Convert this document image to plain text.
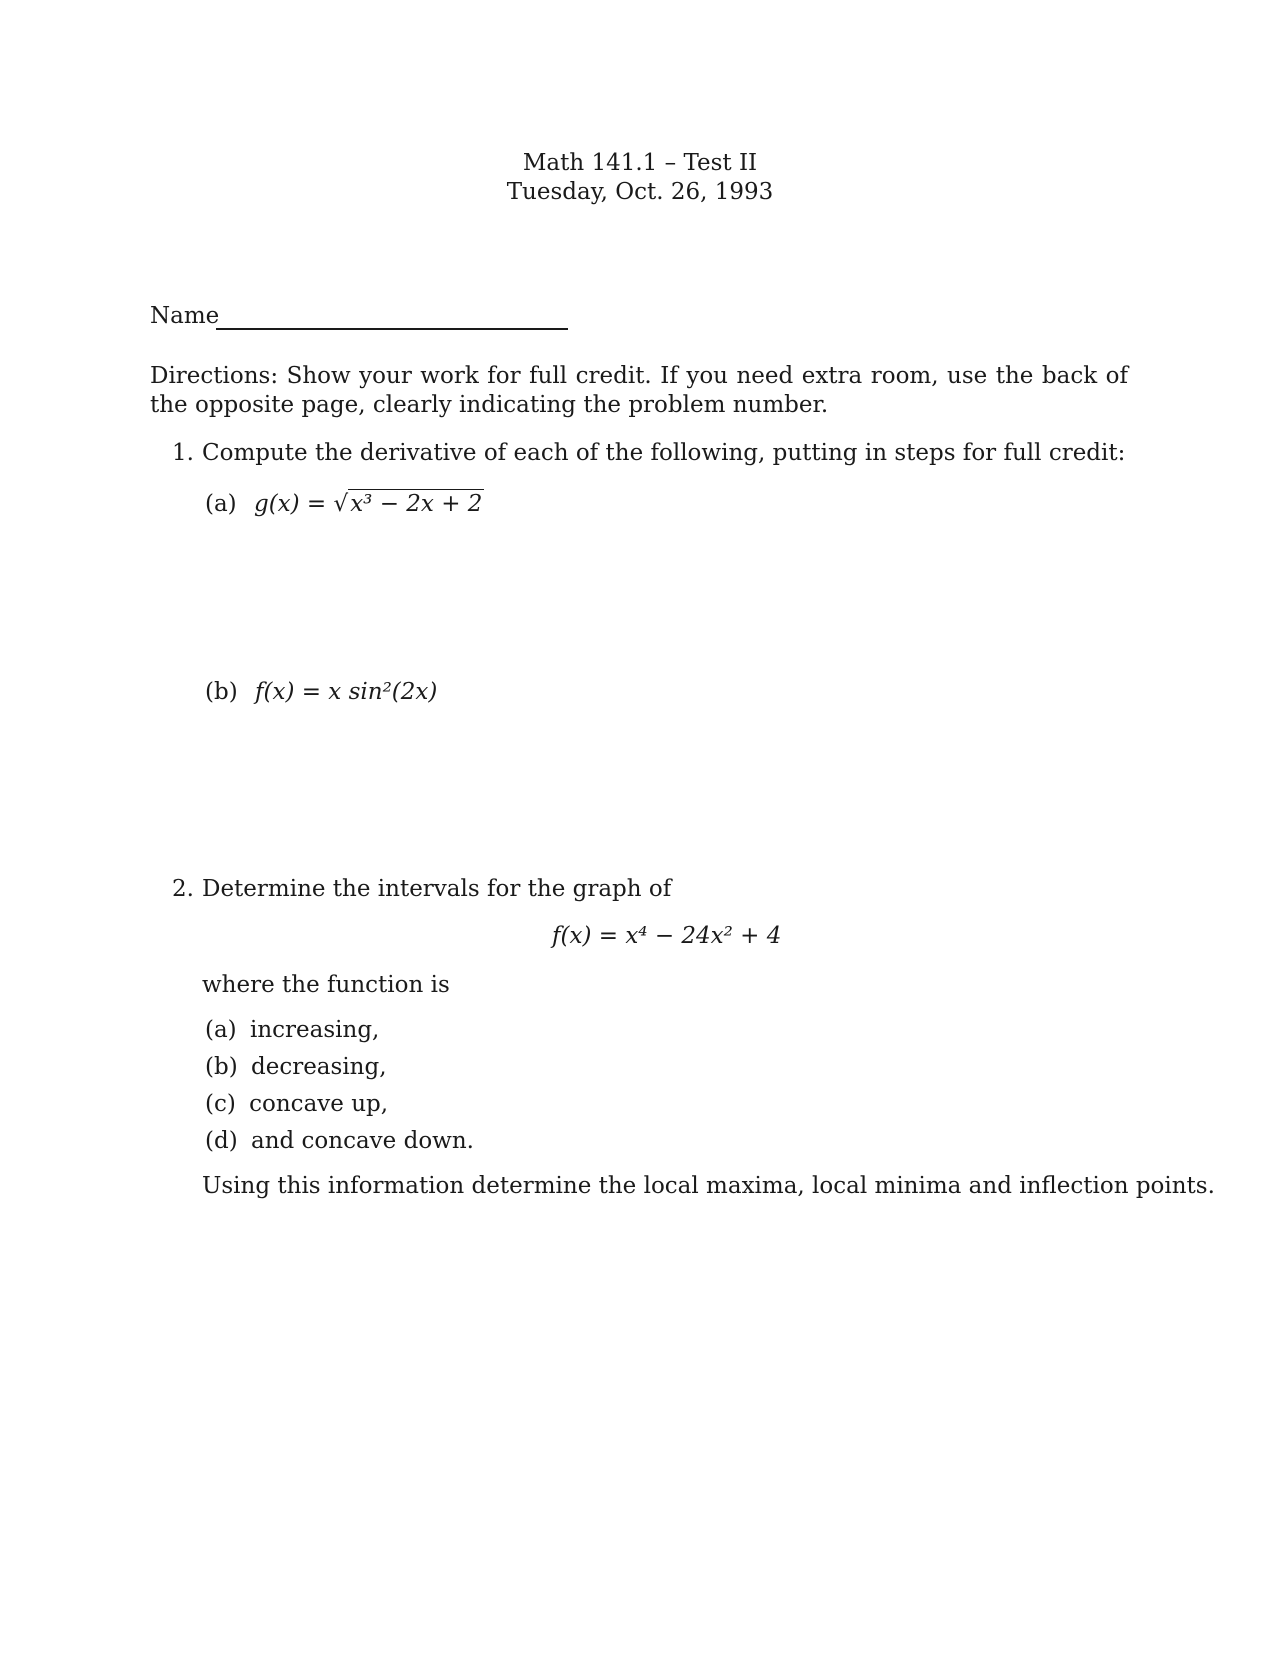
Math 141.1 – Test II
Tuesday, Oct. 26, 1993
Name
Directions: Show your work for full credit. If you need extra room, use the back of the opposite page, clearly indicating the problem number.
1. Compute the derivative of each of the following, putting in steps for full credit:
(a) g(x) = √x³ − 2x + 2
(b) f(x) = x sin²(2x)
2. Determine the intervals for the graph of
f(x) = x⁴ − 24x² + 4
where the function is
(a) increasing,
(b) decreasing,
(c) concave up,
(d) and concave down.
Using this information determine the local maxima, local minima and inflection points.
